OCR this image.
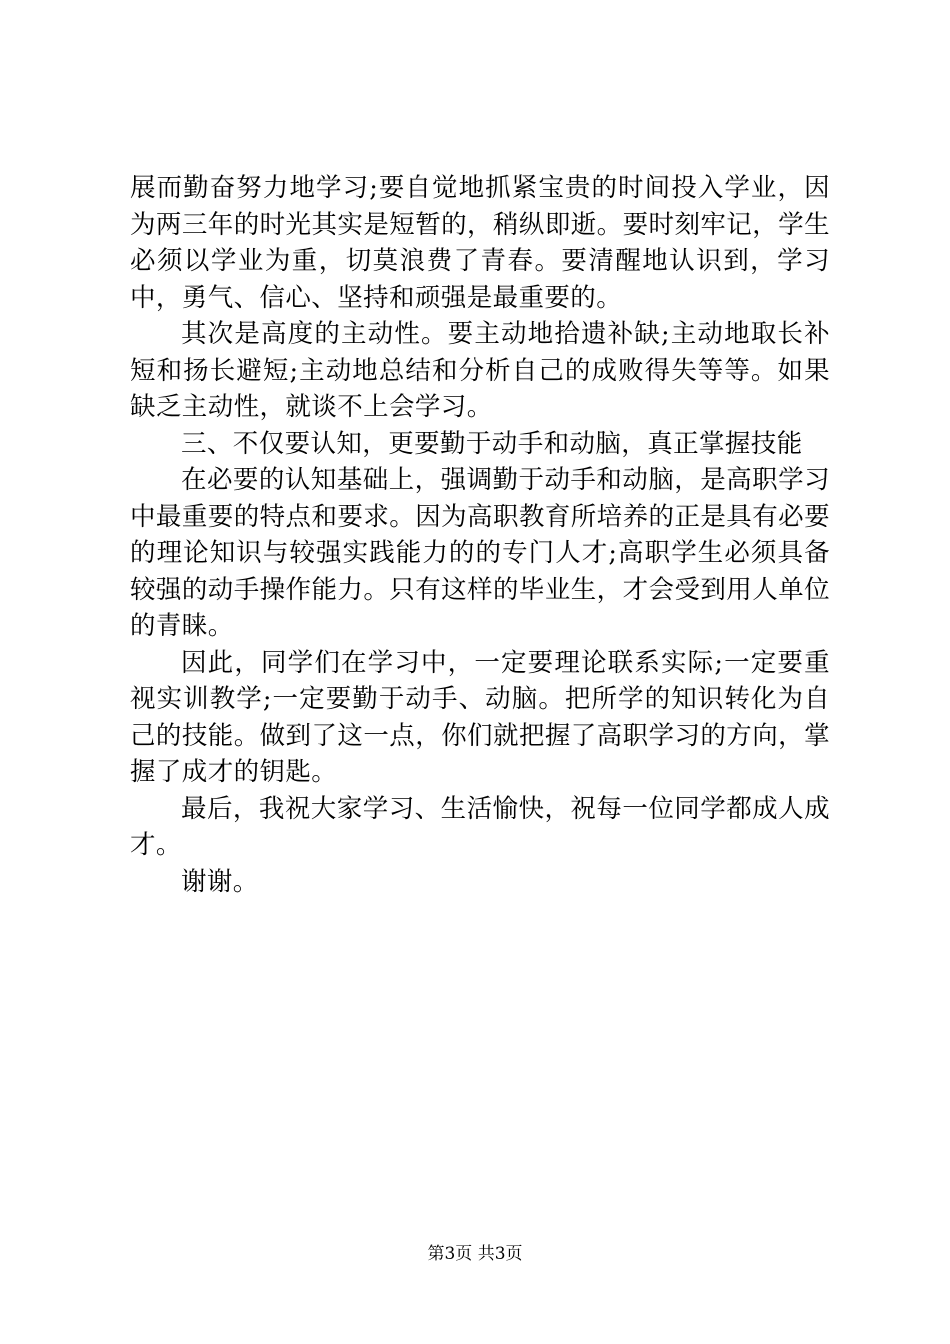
展而勤奋努力地学习;要自觉地抓紧宝贵的时间投入学业，因为两三年的时光其实是短暂的，稍纵即逝。要时刻牢记，学生必须以学业为重，切莫浪费了青春。要清醒地认识到，学习中，勇气、信心、坚持和顽强是最重要的。

其次是高度的主动性。要主动地拾遗补缺;主动地取长补短和扬长避短;主动地总结和分析自己的成败得失等等。如果缺乏主动性，就谈不上会学习。

三、不仅要认知，更要勤于动手和动脑，真正掌握技能

在必要的认知基础上，强调勤于动手和动脑，是高职学习中最重要的特点和要求。因为高职教育所培养的正是具有必要的理论知识与较强实践能力的的专门人才;高职学生必须具备较强的动手操作能力。只有这样的毕业生，才会受到用人单位的青睐。

因此，同学们在学习中，一定要理论联系实际;一定要重视实训教学;一定要勤于动手、动脑。把所学的知识转化为自己的技能。做到了这一点，你们就把握了高职学习的方向，掌握了成才的钥匙。

最后，我祝大家学习、生活愉快，祝每一位同学都成人成才。

谢谢。

第3页 共3页
